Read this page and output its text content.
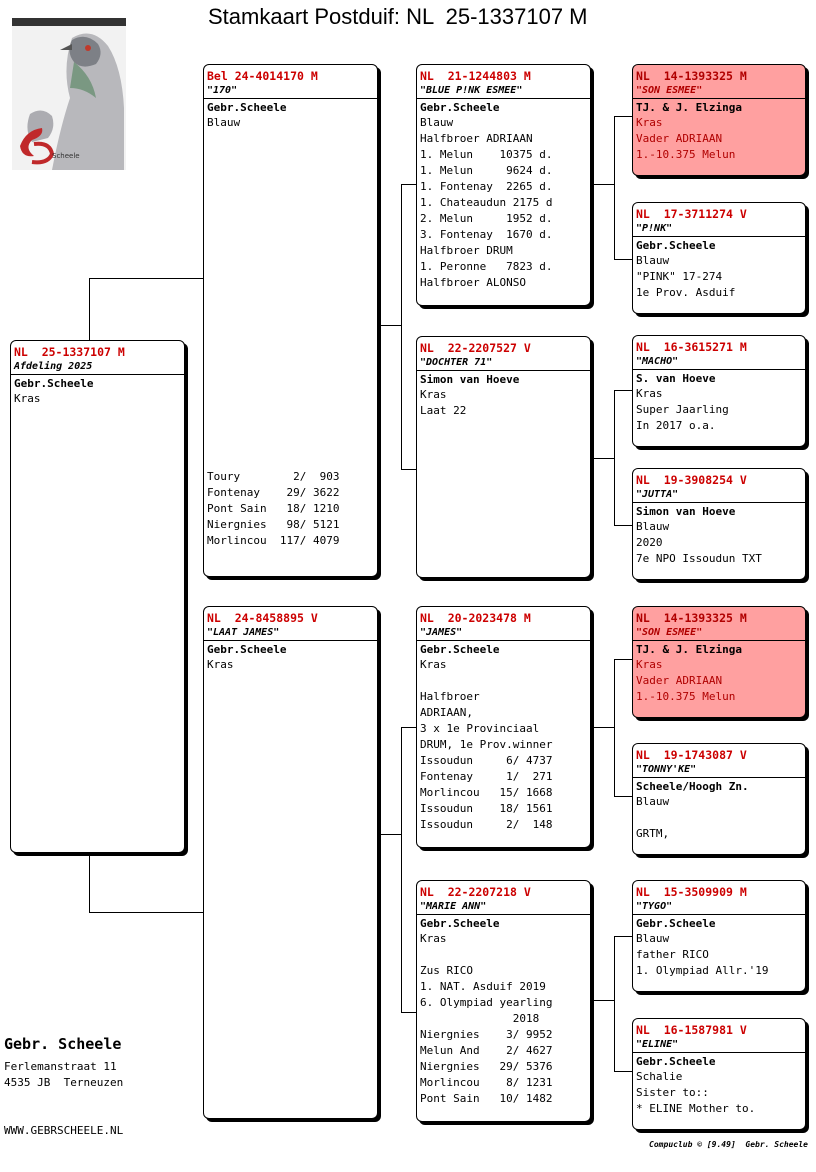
Stamkaart Postduif: NL  25-1337107 M
Scheele
NL  25-1337107 M
Afdeling 2025
Gebr.Scheele
Kras
Bel 24-4014170 M
"170"
Gebr.Scheele
Blauw
Toury        2/  903
Fontenay    29/ 3622
Pont Sain   18/ 1210
Niergnies   98/ 5121
Morlincou  117/ 4079
NL  24-8458895 V
"LAAT JAMES"
Gebr.Scheele
Kras
NL  21-1244803 M
"BLUE P!NK ESMEE"
Gebr.Scheele
Blauw
Halfbroer ADRIAAN
1. Melun    10375 d.
1. Melun     9624 d.
1. Fontenay  2265 d.
1. Chateaudun 2175 d
2. Melun     1952 d.
3. Fontenay  1670 d.
Halfbroer DRUM
1. Peronne   7823 d.
Halfbroer ALONSO
NL  22-2207527 V
"DOCHTER 71"
Simon van Hoeve
Kras
Laat 22
NL  20-2023478 M
"JAMES"
Gebr.Scheele
Kras
Halfbroer
ADRIAAN,
3 x 1e Provinciaal
DRUM, 1e Prov.winner
Issoudun     6/ 4737
Fontenay     1/  271
Morlincou   15/ 1668
Issoudun    18/ 1561
Issoudun     2/  148
NL  22-2207218 V
"MARIE ANN"
Gebr.Scheele
Kras
Zus RICO
1. NAT. Asduif 2019
6. Olympiad yearling
2018
Niergnies    3/ 9952
Melun And    2/ 4627
Niergnies   29/ 5376
Morlincou    8/ 1231
Pont Sain   10/ 1482
NL  14-1393325 M
"SON ESMEE"
TJ. & J. Elzinga
Kras
Vader ADRIAAN
1.-10.375 Melun
NL  17-3711274 V
"P!NK"
Gebr.Scheele
Blauw
"PINK" 17-274
1e Prov. Asduif
NL  16-3615271 M
"MACHO"
S. van Hoeve
Kras
Super Jaarling
In 2017 o.a.
NL  19-3908254 V
"JUTTA"
Simon van Hoeve
Blauw
2020
7e NPO Issoudun TXT
NL  14-1393325 M
"SON ESMEE"
TJ. & J. Elzinga
Kras
Vader ADRIAAN
1.-10.375 Melun
NL  19-1743087 V
"TONNY'KE"
Scheele/Hoogh Zn.
Blauw
GRTM,
NL  15-3509909 M
"TYGO"
Gebr.Scheele
Blauw
father RICO
1. Olympiad Allr.'19
NL  16-1587981 V
"ELINE"
Gebr.Scheele
Schalie
Sister to::
* ELINE Mother to.
Gebr. Scheele
Ferlemanstraat 11
4535 JB  Terneuzen
WWW.GEBRSCHEELE.NL
Compuclub © [9.49]  Gebr. Scheele
